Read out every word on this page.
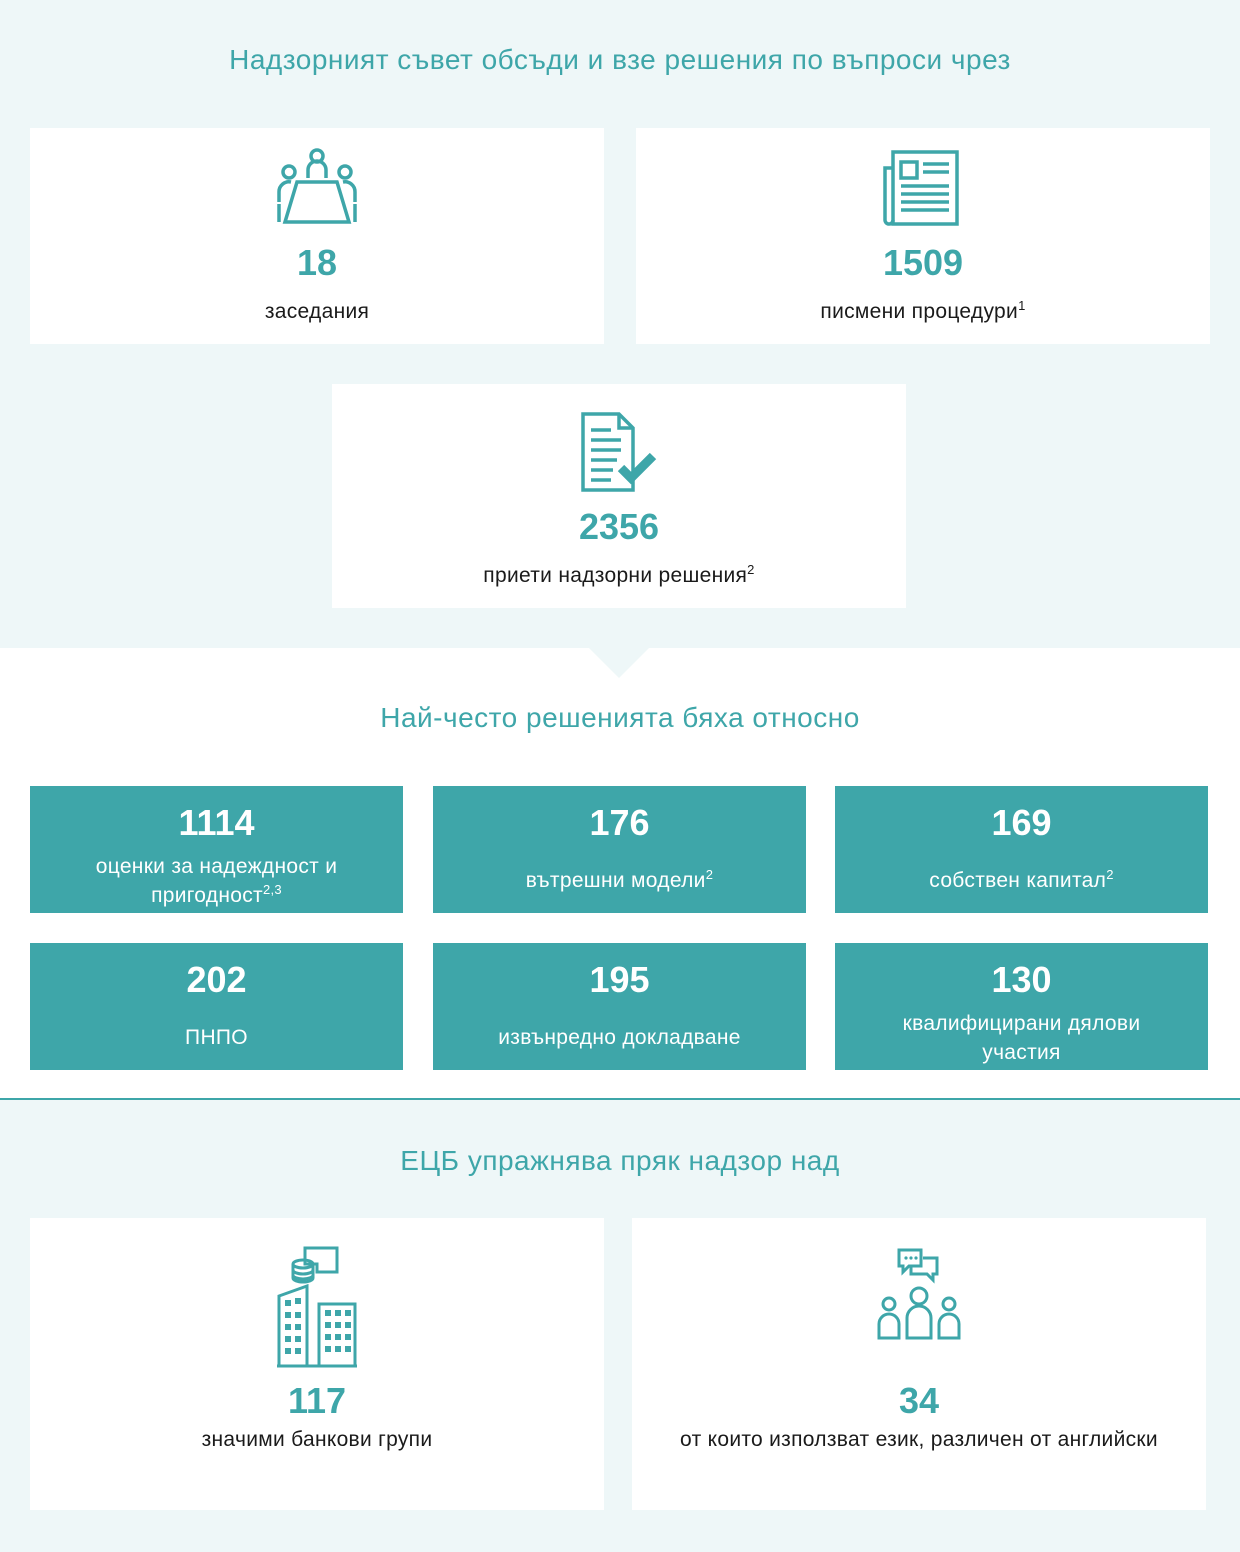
Надзорният съвет обсъди и взе решения по въпроси чрез
18
заседания
1509
писмени процедури$^1$
2356
приети надзорни решения$^2$
Най-често решенията бяха относно
1114
оценки за надеждност и
пригодност$^{2,3}$
176
вътрешни модели$^2$
169
собствен капитал$^2$
202
ПНПО
195
извънредно докладване
130
квалифицирани дялови
участия
ЕЦБ упражнява пряк надзор над
117
значими банкови групи
34
от които използват език, различен от английски
